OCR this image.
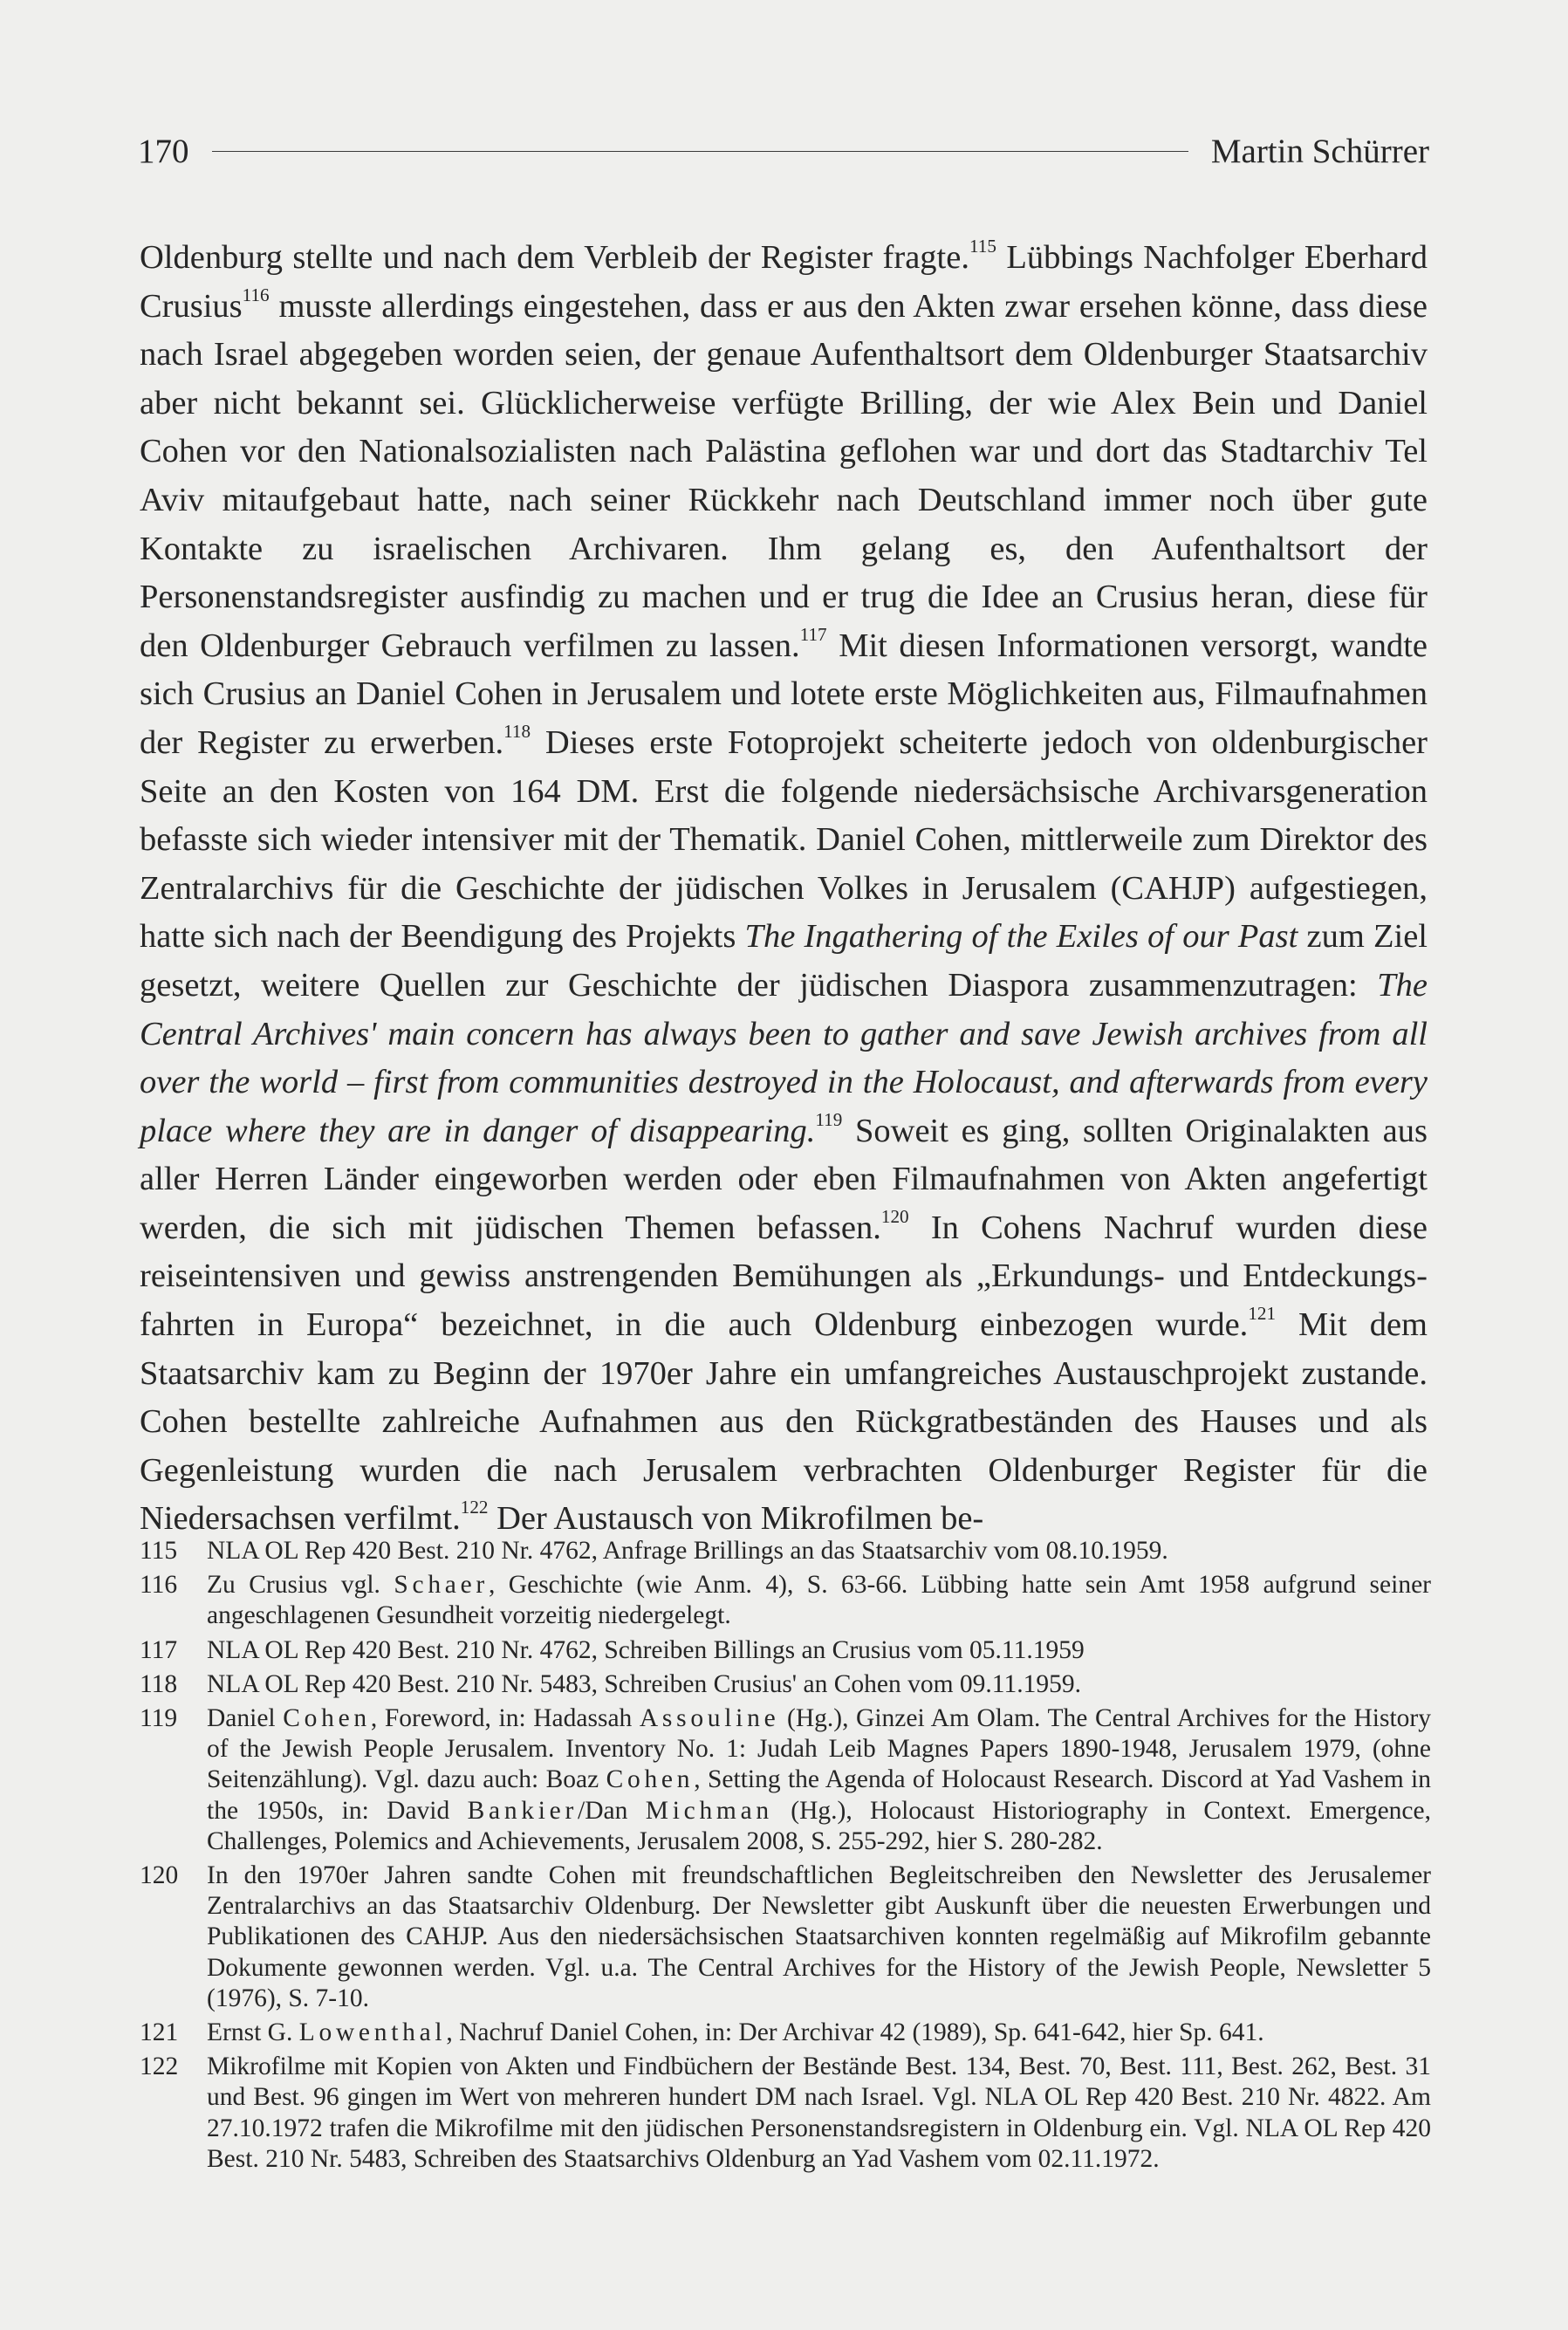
170	Martin Schürrer

Oldenburg stellte und nach dem Verbleib der Register fragte.$^{115}$ Lübbings Nachfolger Eberhard Crusius$^{116}$ musste allerdings eingestehen, dass er aus den Akten zwar ersehen könne, dass diese nach Israel abgegeben worden seien, der genaue Aufenthaltsort dem Oldenburger Staatsarchiv aber nicht bekannt sei. Glücklicherweise verfügte Brilling, der wie Alex Bein und Daniel Cohen vor den Nationalsozialisten nach Palästina geflohen war und dort das Stadtarchiv Tel Aviv mitaufgebaut hatte, nach seiner Rückkehr nach Deutschland immer noch über gute Kontakte zu israelischen Archivaren. Ihm gelang es, den Aufenthaltsort der Personenstandsregister ausfindig zu machen und er trug die Idee an Crusius heran, diese für den Oldenburger Gebrauch verfilmen zu lassen.$^{117}$ Mit diesen Informationen versorgt, wandte sich Crusius an Daniel Cohen in Jerusalem und lotete erste Möglichkeiten aus, Filmaufnahmen der Register zu erwerben.$^{118}$ Dieses erste Fotoprojekt scheiterte jedoch von oldenburgischer Seite an den Kosten von 164 DM. Erst die folgende niedersächsische Archivarsgeneration befasste sich wieder intensiver mit der Thematik. Daniel Cohen, mittlerweile zum Direktor des Zentralarchivs für die Geschichte der jüdischen Volkes in Jerusalem (CAHJP) aufgestiegen, hatte sich nach der Beendigung des Projekts The Ingathering of the Exiles of our Past zum Ziel gesetzt, weitere Quellen zur Geschichte der jüdischen Diaspora zusammenzutragen: The Central Archives' main concern has always been to gather and save Jewish archives from all over the world – first from communities destroyed in the Holocaust, and afterwards from every place where they are in danger of disappearing.$^{119}$ Soweit es ging, sollten Originalakten aus aller Herren Länder eingeworben werden oder eben Filmaufnahmen von Akten angefertigt werden, die sich mit jüdischen Themen befassen.$^{120}$ In Cohens Nachruf wurden diese reiseintensiven und gewiss anstrengenden Bemühungen als „Erkundungs- und Entdeckungsfahrten in Europa“ bezeichnet, in die auch Oldenburg einbezogen wurde.$^{121}$ Mit dem Staatsarchiv kam zu Beginn der 1970er Jahre ein umfangreiches Austauschprojekt zustande. Cohen bestellte zahlreiche Aufnahmen aus den Rückgratbeständen des Hauses und als Gegenleistung wurden die nach Jerusalem verbrachten Oldenburger Register für die Niedersachsen verfilmt.$^{122}$ Der Austausch von Mikrofilmen be-

115	NLA OL Rep 420 Best. 210 Nr. 4762, Anfrage Brillings an das Staatsarchiv vom 08.10.1959.
116	Zu Crusius vgl. Schaer, Geschichte (wie Anm. 4), S. 63-66. Lübbing hatte sein Amt 1958 aufgrund seiner angeschlagenen Gesundheit vorzeitig niedergelegt.
117	NLA OL Rep 420 Best. 210 Nr. 4762, Schreiben Billings an Crusius vom 05.11.1959
118	NLA OL Rep 420 Best. 210 Nr. 5483, Schreiben Crusius' an Cohen vom 09.11.1959.
119	Daniel Cohen, Foreword, in: Hadassah Assouline (Hg.), Ginzei Am Olam. The Central Archives for the History of the Jewish People Jerusalem. Inventory No. 1: Judah Leib Magnes Papers 1890-1948, Jerusalem 1979, (ohne Seitenzählung). Vgl. dazu auch: Boaz Cohen, Setting the Agenda of Holocaust Research. Discord at Yad Vashem in the 1950s, in: David Bankier/Dan Michman (Hg.), Holocaust Historiography in Context. Emergence, Challenges, Polemics and Achievements, Jerusalem 2008, S. 255-292, hier S. 280-282.
120	In den 1970er Jahren sandte Cohen mit freundschaftlichen Begleitschreiben den Newsletter des Jerusalemer Zentralarchivs an das Staatsarchiv Oldenburg. Der Newsletter gibt Auskunft über die neuesten Erwerbungen und Publikationen des CAHJP. Aus den niedersächsischen Staatsarchiven konnten regelmäßig auf Mikrofilm gebannte Dokumente gewonnen werden. Vgl. u.a. The Central Archives for the History of the Jewish People, Newsletter 5 (1976), S. 7-10.
121	Ernst G. Lowenthal, Nachruf Daniel Cohen, in: Der Archivar 42 (1989), Sp. 641-642, hier Sp. 641.
122	Mikrofilme mit Kopien von Akten und Findbüchern der Bestände Best. 134, Best. 70, Best. 111, Best. 262, Best. 31 und Best. 96 gingen im Wert von mehreren hundert DM nach Israel. Vgl. NLA OL Rep 420 Best. 210 Nr. 4822. Am 27.10.1972 trafen die Mikrofilme mit den jüdischen Personenstandsregistern in Oldenburg ein. Vgl. NLA OL Rep 420 Best. 210 Nr. 5483, Schreiben des Staatsarchivs Oldenburg an Yad Vashem vom 02.11.1972.
